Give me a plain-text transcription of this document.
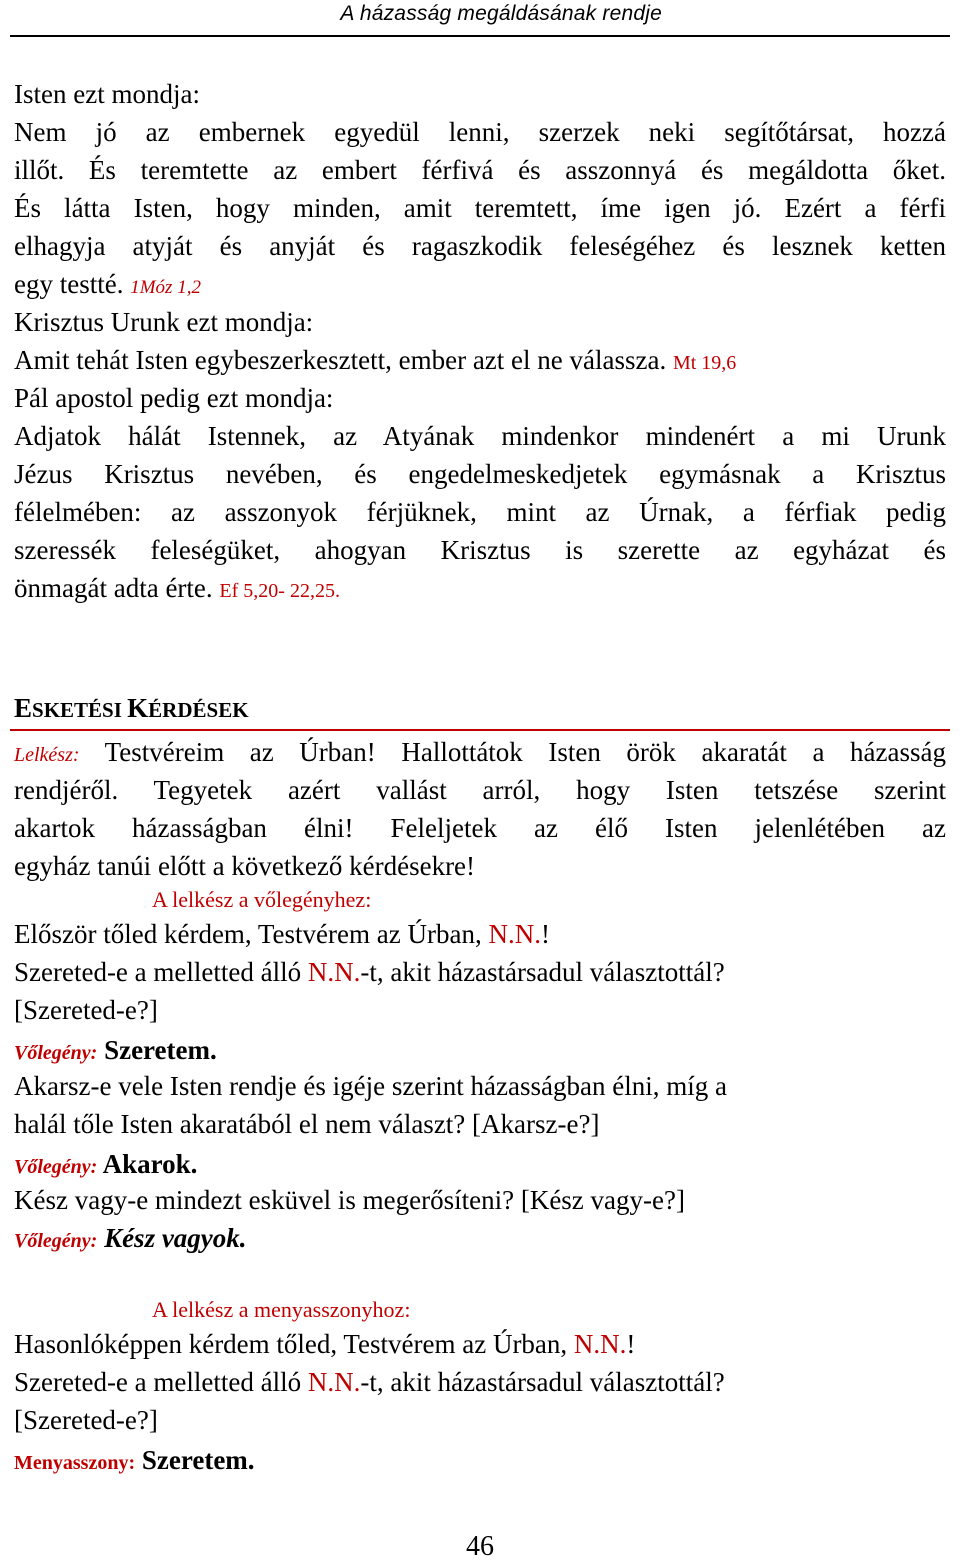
A házasság megáldásának rendje
Isten ezt mondja:
Nem jó az embernek egyedül lenni, szerzek neki segítőtársat, hozzá
illőt. És teremtette az embert férfivá és asszonnyá és megáldotta őket.
És látta Isten, hogy minden, amit teremtett, íme igen jó. Ezért a férfi
elhagyja atyját és anyját és ragaszkodik feleségéhez és lesznek ketten
egy testté. 1Móz 1,2
Krisztus Urunk ezt mondja:
Amit tehát Isten egybeszerkesztett, ember azt el ne válassza. Mt 19,6
Pál apostol pedig ezt mondja:
Adjatok hálát Istennek, az Atyának mindenkor mindenért a mi Urunk
Jézus Krisztus nevében, és engedelmeskedjetek egymásnak a Krisztus
félelmében: az asszonyok férjüknek, mint az Úrnak, a férfiak pedig
szeressék feleségüket, ahogyan Krisztus is szerette az egyházat és
önmagát adta érte. Ef 5,20- 22,25.
ESKETÉSI KÉRDÉSEK
Lelkész: Testvéreim az Úrban! Hallottátok Isten örök akaratát a házasság
rendjéről. Tegyetek azért vallást arról, hogy Isten tetszése szerint
akartok házasságban élni! Feleljetek az élő Isten jelenlétében az
egyház tanúi előtt a következő kérdésekre!
A lelkész a vőlegényhez:
Először tőled kérdem, Testvérem az Úrban, N.N.!
Szereted-e a melletted álló N.N.-t, akit házastársadul választottál?
[Szereted-e?]
Vőlegény: Szeretem.
Akarsz-e vele Isten rendje és igéje szerint házasságban élni, míg a
halál tőle Isten akaratából el nem választ? [Akarsz-e?]
Vőlegény: Akarok.
Kész vagy-e mindezt esküvel is megerősíteni? [Kész vagy-e?]
Vőlegény: Kész vagyok.
A lelkész a menyasszonyhoz:
Hasonlóképpen kérdem tőled, Testvérem az Úrban, N.N.!
Szereted-e a melletted álló N.N.-t, akit házastársadul választottál?
[Szereted-e?]
Menyasszony: Szeretem.
46
